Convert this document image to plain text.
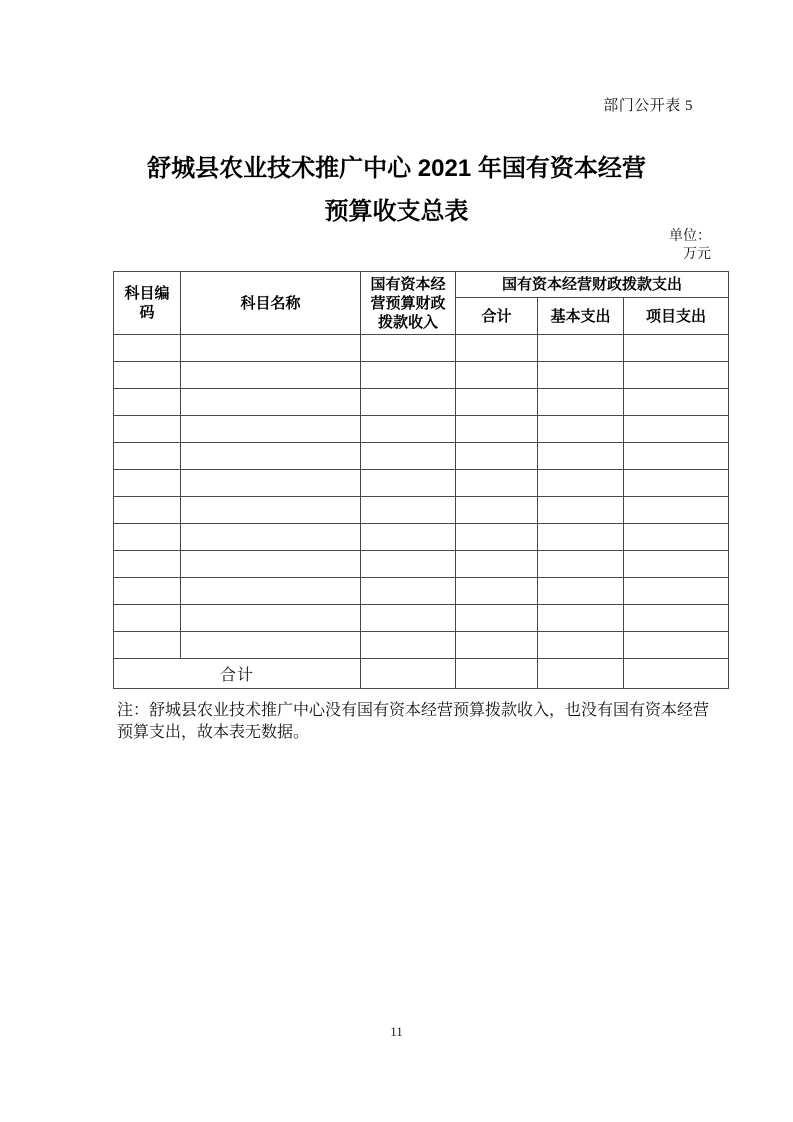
部门公开表 5
舒城县农业技术推广中心 2021 年国有资本经营
预算收支总表
单位：
万元
科目编码	科目名称	国有资本经营预算财政拨款收入	国有资本经营财政拨款支出		
			合计	基本支出	项目支出

合计					
注：舒城县农业技术推广中心没有国有资本经营预算拨款收入，也没有国有资本经营
预算支出，故本表无数据。
11
